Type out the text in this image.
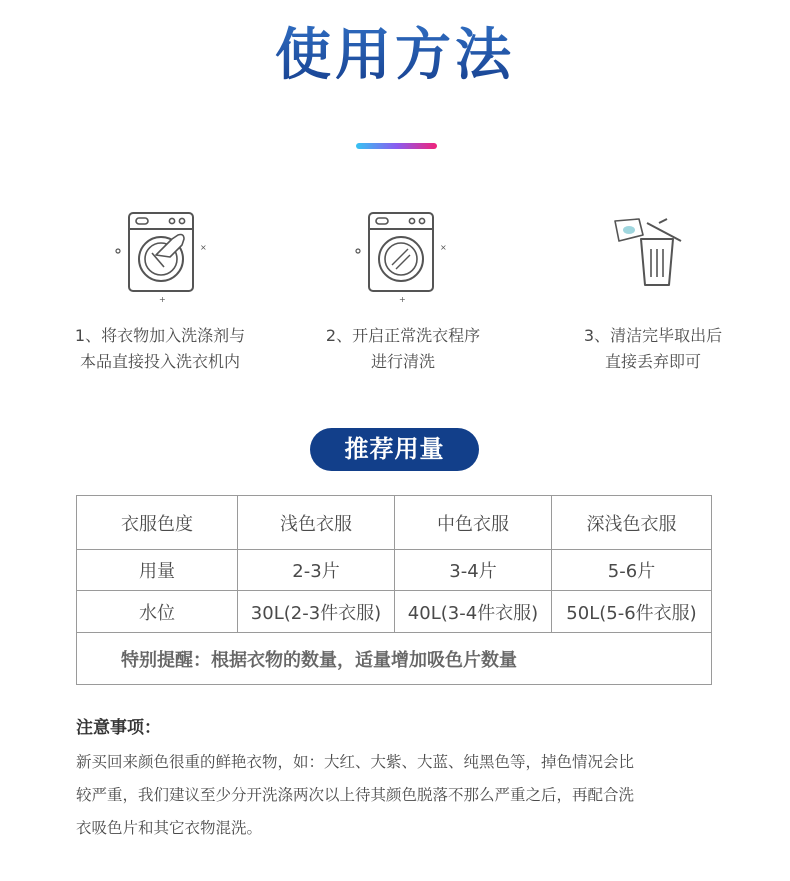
使用方法
×
+
1、将衣物加入洗涤剂与
本品直接投入洗衣机内
×
+
2、开启正常洗衣程序
进行清洗
3、清洁完毕取出后
直接丢弃即可
推荐用量
衣服色度	浅色衣服	中色衣服	深浅色衣服
用量	2-3片	3-4片	5-6片
水位	30L(2-3件衣服)	40L(3-4件衣服)	50L(5-6件衣服)
特别提醒：根据衣物的数量，适量增加吸色片数量			
注意事项：
新买回来颜色很重的鲜艳衣物，如：大红、大紫、大蓝、纯黑色等，掉色情况会比
较严重，我们建议至少分开洗涤两次以上待其颜色脱落不那么严重之后，再配合洗
衣吸色片和其它衣物混洗。
